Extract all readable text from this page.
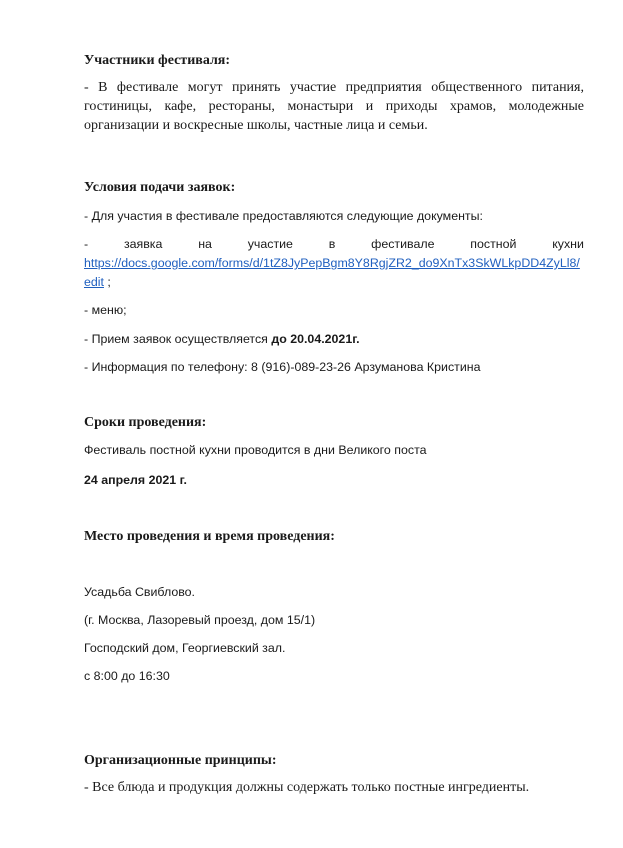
Участники фестиваля:

- В фестивале могут принять участие предприятия общественного питания, гостиницы, кафе, рестораны, монастыри и приходы храмов, молодежные организации и воскресные школы, частные лица и семьи.

Условия подачи заявок:

- Для участия в фестивале предоставляются следующие документы:

-	заявка	на	участие	в	фестивале	постной	кухни

https://docs.google.com/forms/d/1tZ8JyPepBgm8Y8RgjZR2_do9XnTx3SkWLkpDD4ZyLl8/edit ;

- меню;

- Прием заявок осуществляется до 20.04.2021г.

- Информация по телефону: 8 (916)-089-23-26 Арзуманова Кристина

Сроки проведения:

Фестиваль постной кухни проводится в дни Великого поста

24 апреля 2021 г.

Место проведения и время проведения:

Усадьба Свиблово.

(г. Москва, Лазоревый проезд, дом 15/1)

Господский дом, Георгиевский зал.

с 8:00 до 16:30

Организационные принципы:

- Все блюда и продукция должны содержать только постные ингредиенты.
